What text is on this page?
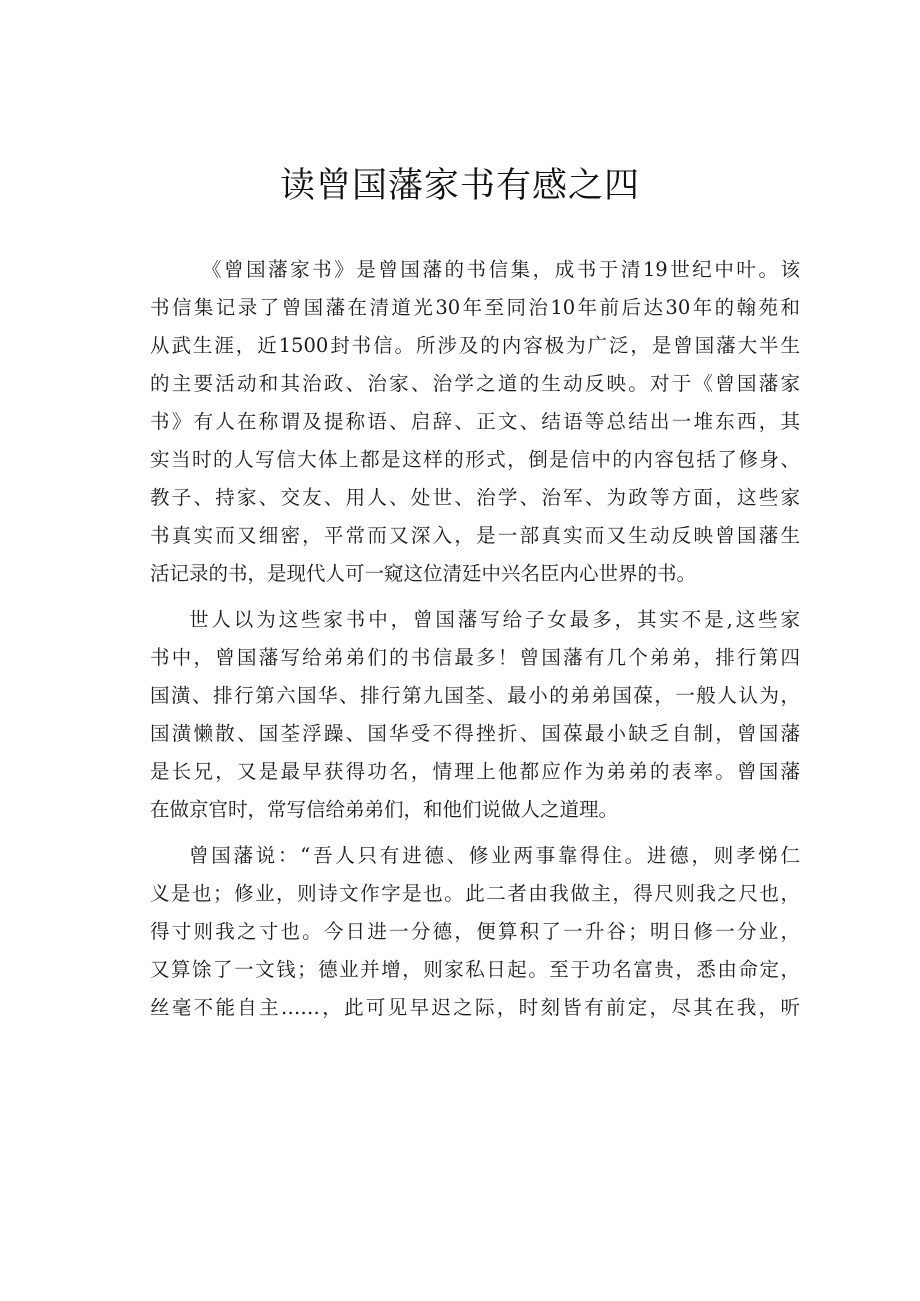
读曾国藩家书有感之四
《曾国藩家书》是曾国藩的书信集，成书于清19世纪中叶。该
书信集记录了曾国藩在清道光30年至同治10年前后达30年的翰苑和
从武生涯，近1500封书信。所涉及的内容极为广泛，是曾国藩大半生
的主要活动和其治政、治家、治学之道的生动反映。对于《曾国藩家
书》有人在称谓及提称语、启辞、正文、结语等总结出一堆东西，其
实当时的人写信大体上都是这样的形式，倒是信中的内容包括了修身、
教子、持家、交友、用人、处世、治学、治军、为政等方面，这些家
书真实而又细密，平常而又深入，是一部真实而又生动反映曾国藩生
活记录的书，是现代人可一窥这位清廷中兴名臣内心世界的书。
世人以为这些家书中，曾国藩写给子女最多，其实不是,这些家
书中，曾国藩写给弟弟们的书信最多！曾国藩有几个弟弟，排行第四
国潢、排行第六国华、排行第九国荃、最小的弟弟国葆，一般人认为，
国潢懒散、国荃浮躁、国华受不得挫折、国葆最小缺乏自制，曾国藩
是长兄，又是最早获得功名，情理上他都应作为弟弟的表率。曾国藩
在做京官时，常写信给弟弟们，和他们说做人之道理。
曾国藩说：“吾人只有进德、修业两事靠得住。进德，则孝悌仁
义是也；修业，则诗文作字是也。此二者由我做主，得尺则我之尺也，
得寸则我之寸也。今日进一分德，便算积了一升谷；明日修一分业，
又算馀了一文钱；德业并增，则家私日起。至于功名富贵，悉由命定，
丝毫不能自主……，此可见早迟之际，时刻皆有前定，尽其在我，听
